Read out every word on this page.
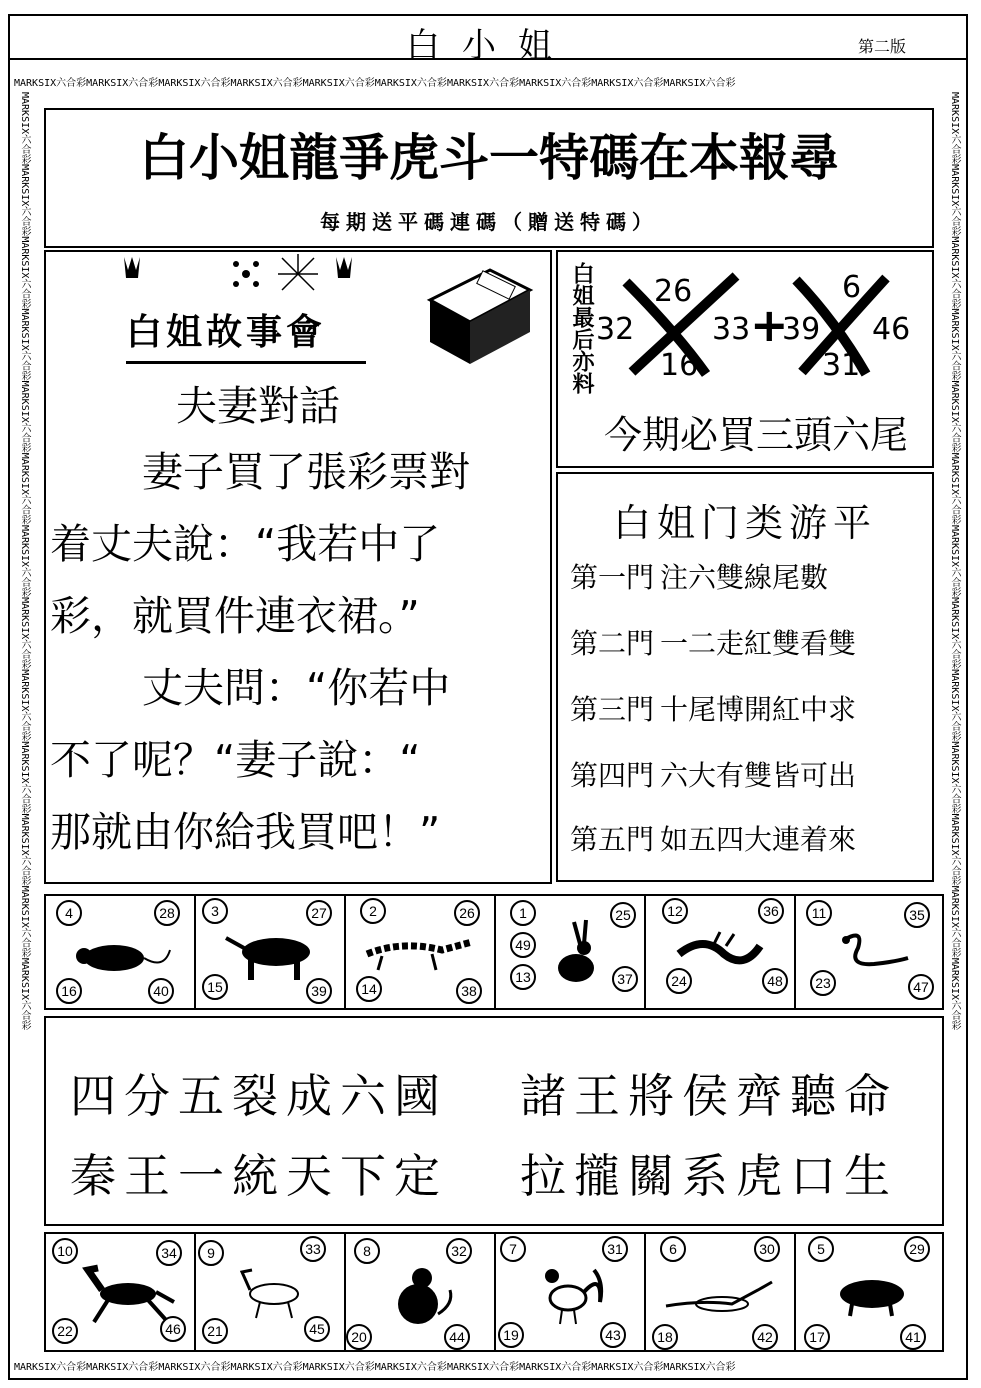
白小姐	第二版
MARKSIX六合彩MARKSIX六合彩MARKSIX六合彩MARKSIX六合彩MARKSIX六合彩MARKSIX六合彩MARKSIX六合彩MARKSIX六合彩MARKSIX六合彩MARKSIX六合彩
MARKSIX六合彩MARKSIX六合彩MARKSIX六合彩MARKSIX六合彩MARKSIX六合彩MARKSIX六合彩MARKSIX六合彩MARKSIX六合彩MARKSIX六合彩MARKSIX六合彩
MARKSIX六合彩MARKSIX六合彩MARKSIX六合彩MARKSIX六合彩MARKSIX六合彩MARKSIX六合彩MARKSIX六合彩MARKSIX六合彩MARKSIX六合彩MARKSIX六合彩MARKSIX六合彩MARKSIX六合彩MARKSIX六合彩
MARKSIX六合彩MARKSIX六合彩MARKSIX六合彩MARKSIX六合彩MARKSIX六合彩MARKSIX六合彩MARKSIX六合彩MARKSIX六合彩MARKSIX六合彩MARKSIX六合彩MARKSIX六合彩MARKSIX六合彩MARKSIX六合彩
白小姐龍爭虎斗一特碼在本報尋
每期送平碼連碼（贈送特碼）
白姐故事會
夫妻對話
妻子買了張彩票對
着丈夫說：“我若中了
彩，就買件連衣裙。”
丈夫問：“你若中
不了呢？“妻子說：“
那就由你給我買吧！”
白姐最后亦料 26
32	33
16
+
6
39 46
31
今期必買三頭六尾
白姐门类游平
第一門 注六雙線尾數
第二門 一二走紅雙看雙
第三門 十尾博開紅中求
第四門 六大有雙皆可出
第五門 如五四大連着來
4	28
16	40
3	27
15	39
2	26
14	38
1	25
49
13	37
12	36
24	48
11	35
23	47
四分五裂成六國 諸王將侯齊聽命
秦王一統天下定 拉攏關系虎口生
10	34
22	46
9	33
21	45
8	32
20	44
7	31
19	43
6	30
18	42
5	29
17	41
